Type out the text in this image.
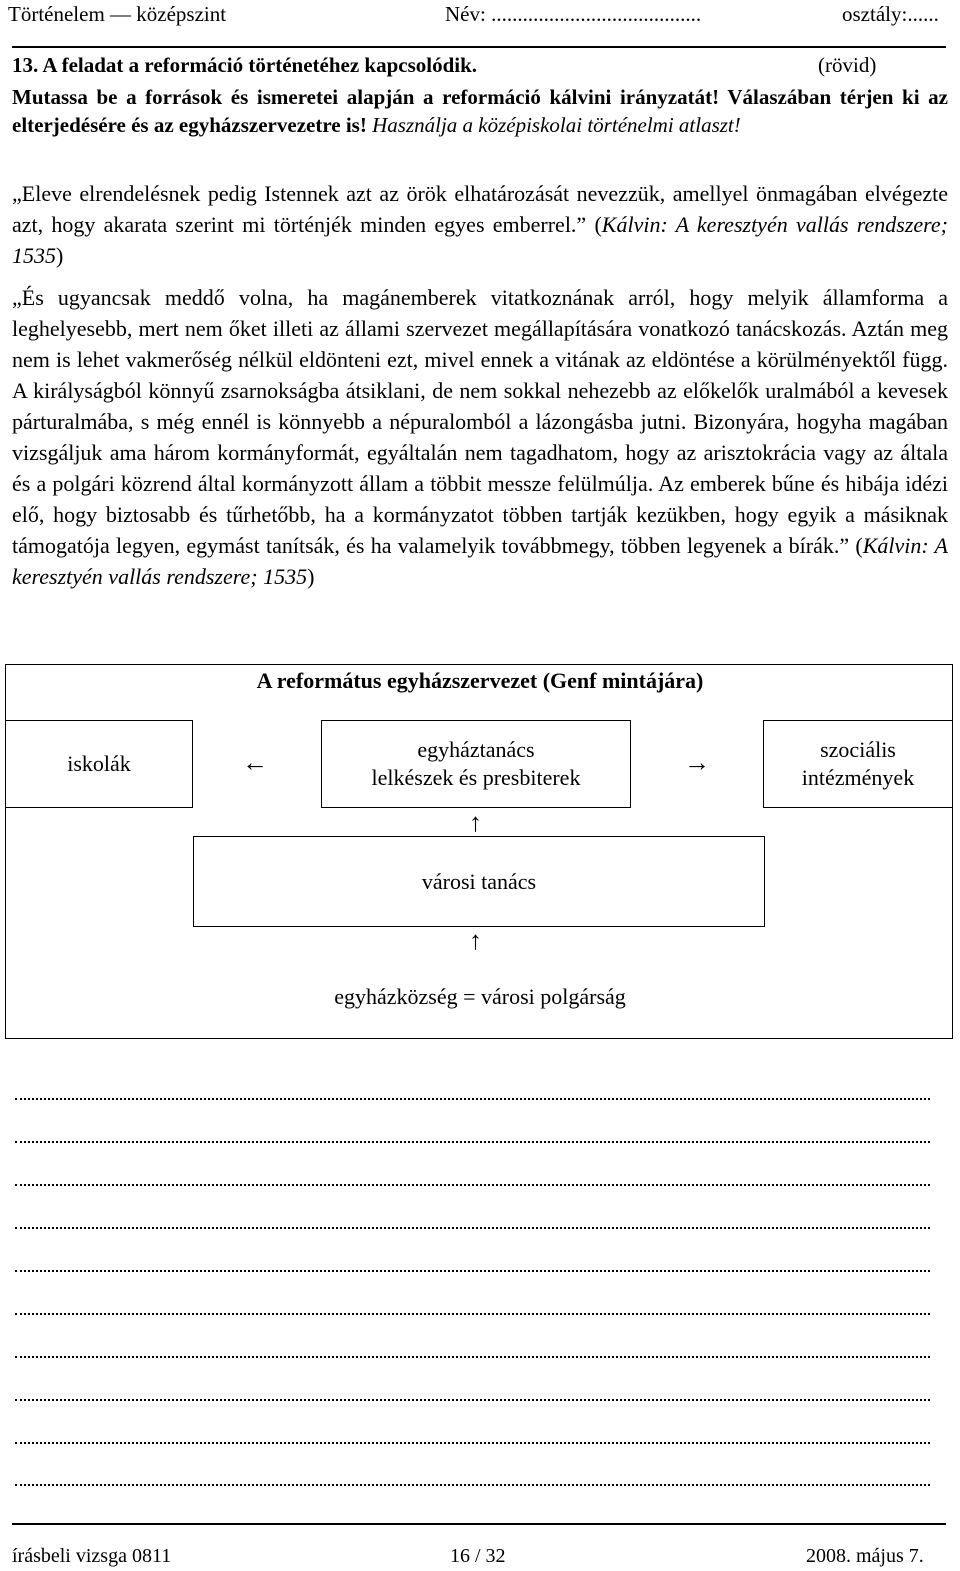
Történelem — középszint	Név: ........................................	osztály:......
13. A feladat a reformáció történetéhez kapcsolódik.	(rövid)
Mutassa be a források és ismeretei alapján a reformáció kálvini irányzatát! Válaszában térjen ki az elterjedésére és az egyházszervezetre is! Használja a középiskolai történelmi atlaszt!
„Eleve elrendelésnek pedig Istennek azt az örök elhatározását nevezzük, amellyel önmagában elvégezte azt, hogy akarata szerint mi történjék minden egyes emberrel.” (Kálvin: A keresztyén vallás rendszere; 1535)
„És ugyancsak meddő volna, ha magánemberek vitatkoznának arról, hogy melyik államforma a leghelyesebb, mert nem őket illeti az állami szervezet megállapítására vonatkozó tanácskozás. Aztán meg nem is lehet vakmerőség nélkül eldönteni ezt, mivel ennek a vitának az eldöntése a körülményektől függ. A királyságból könnyű zsarnokságba átsiklani, de nem sokkal nehezebb az előkelők uralmából a kevesek párturalmába, s még ennél is könnyebb a népuralomból a lázongásba jutni. Bizonyára, hogyha magában vizsgáljuk ama három kormányformát, egyáltalán nem tagadhatom, hogy az arisztokrácia vagy az általa és a polgári közrend által kormányzott állam a többit messze felülmúlja. Az emberek bűne és hibája idézi elő, hogy biztosabb és tűrhetőbb, ha a kormányzatot többen tartják kezükben, hogy egyik a másiknak támogatója legyen, egymást tanítsák, és ha valamelyik továbbmegy, többen legyenek a bírák.” (Kálvin: A keresztyén vallás rendszere; 1535)
A református egyházszervezet (Genf mintájára)
iskolák	←	egyháztanács
lelkészek és presbiterek
→	szociális
intézmények
↑
városi tanács
↑
egyházközség = városi polgárság
írásbeli vizsga 0811	16 / 32	2008. május 7.
